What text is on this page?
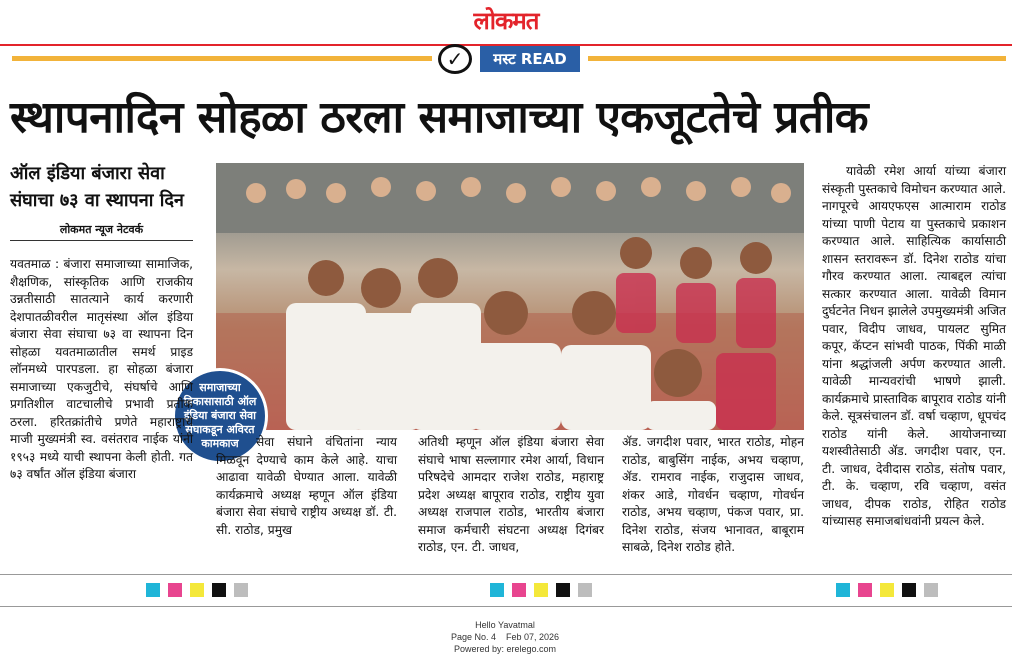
लोकमत
✓	मस्ट READ
स्थापनादिन सोहळा ठरला समाजाच्या एकजूटतेचे प्रतीक
ऑल इंडिया बंजारा सेवा संघाचा ७३ वा स्थापना दिन
लोकमत न्यूज नेटवर्क
समाजाच्या विकासासाठी ऑल इंडिया बंजारा सेवा संघाकडून अविरत कामकाज
यवतमाळ : बंजारा समाजाच्या सामाजिक, शैक्षणिक, सांस्कृतिक आणि राजकीय उन्नतीसाठी सातत्याने कार्य करणारी देशपातळीवरील मातृसंस्था ऑल इंडिया बंजारा सेवा संघाचा ७३ वा स्थापना दिन सोहळा यवतमाळातील समर्थ प्राइड लॉनमध्ये पारपडला. हा सोहळा बंजारा समाजाच्या एकजुटीचे, संघर्षाचे आणि प्रगतिशील वाटचालीचे प्रभावी प्रतीक ठरला. हरितक्रांतीचे प्रणेते महाराष्ट्राचे माजी मुख्यमंत्री स्व. वसंतराव नाईक यांनी १९५३ मध्ये याची स्थापना केली होती. गत ७३ वर्षांत ऑल इंडिया बंजारा
सेवा संघाने वंचितांना न्याय मिळवून देण्याचे काम केले आहे. याचा आढावा यावेळी घेण्यात आला. यावेळी कार्यक्रमाचे अध्यक्ष म्हणून ऑल इंडिया बंजारा सेवा संघाचे राष्ट्रीय अध्यक्ष डॉ. टी. सी. राठोड, प्रमुख
अतिथी म्हणून ऑल इंडिया बंजारा सेवा संघाचे भाषा सल्लागार रमेश आर्या, विधान परिषदेचे आमदार राजेश राठोड, महाराष्ट्र प्रदेश अध्यक्ष बापूराव राठोड, राष्ट्रीय युवा अध्यक्ष राजपाल राठोड, भारतीय बंजारा समाज कर्मचारी संघटना अध्यक्ष दिगंबर राठोड, एन. टी. जाधव,
ॲड. जगदीश पवार, भारत राठोड, मोहन राठोड, बाबुसिंग नाईक, अभय चव्हाण, ॲड. रामराव नाईक, राजुदास जाधव, शंकर आडे, गोवर्धन चव्हाण, गोवर्धन राठोड, अभय चव्हाण, पंकज पवार, प्रा. दिनेश राठोड, संजय भानावत, बाबूराम साबळे, दिनेश राठोड होते.
यावेळी रमेश आर्या यांच्या बंजारा संस्कृती पुस्तकाचे विमोचन करण्यात आले. नागपूरचे आयएफएस आत्माराम राठोड यांच्या पाणी पेटाय या पुस्तकाचे प्रकाशन करण्यात आले. साहित्यिक कार्यासाठी शासन स्तरावरून डॉ. दिनेश राठोड यांचा गौरव करण्यात आला. त्याबद्दल त्यांचा सत्कार करण्यात आला. यावेळी विमान दुर्घटनेत निधन झालेले उपमुख्यमंत्री अजित पवार, विदीप जाधव, पायलट सुमित कपूर, कॅप्टन सांभवी पाठक, पिंकी माळी यांना श्रद्धांजली अर्पण करण्यात आली. यावेळी मान्यवरांची भाषणे झाली. कार्यक्रमाचे प्रास्ताविक बापूराव राठोड यांनी केले. सूत्रसंचालन डॉ. वर्षा चव्हाण, धूपचंद राठोड यांनी केले. आयोजनाच्या यशस्वीतेसाठी ॲड. जगदीश पवार, एन. टी. जाधव, देवीदास राठोड, संतोष पवार, टी. के. चव्हाण, रवि चव्हाण, वसंत जाधव, दीपक राठोड, रोहित राठोड यांच्यासह समाजबांधवांनी प्रयत्न केले.
Hello Yavatmal
Page No. 4    Feb 07, 2026
Powered by: erelego.com
